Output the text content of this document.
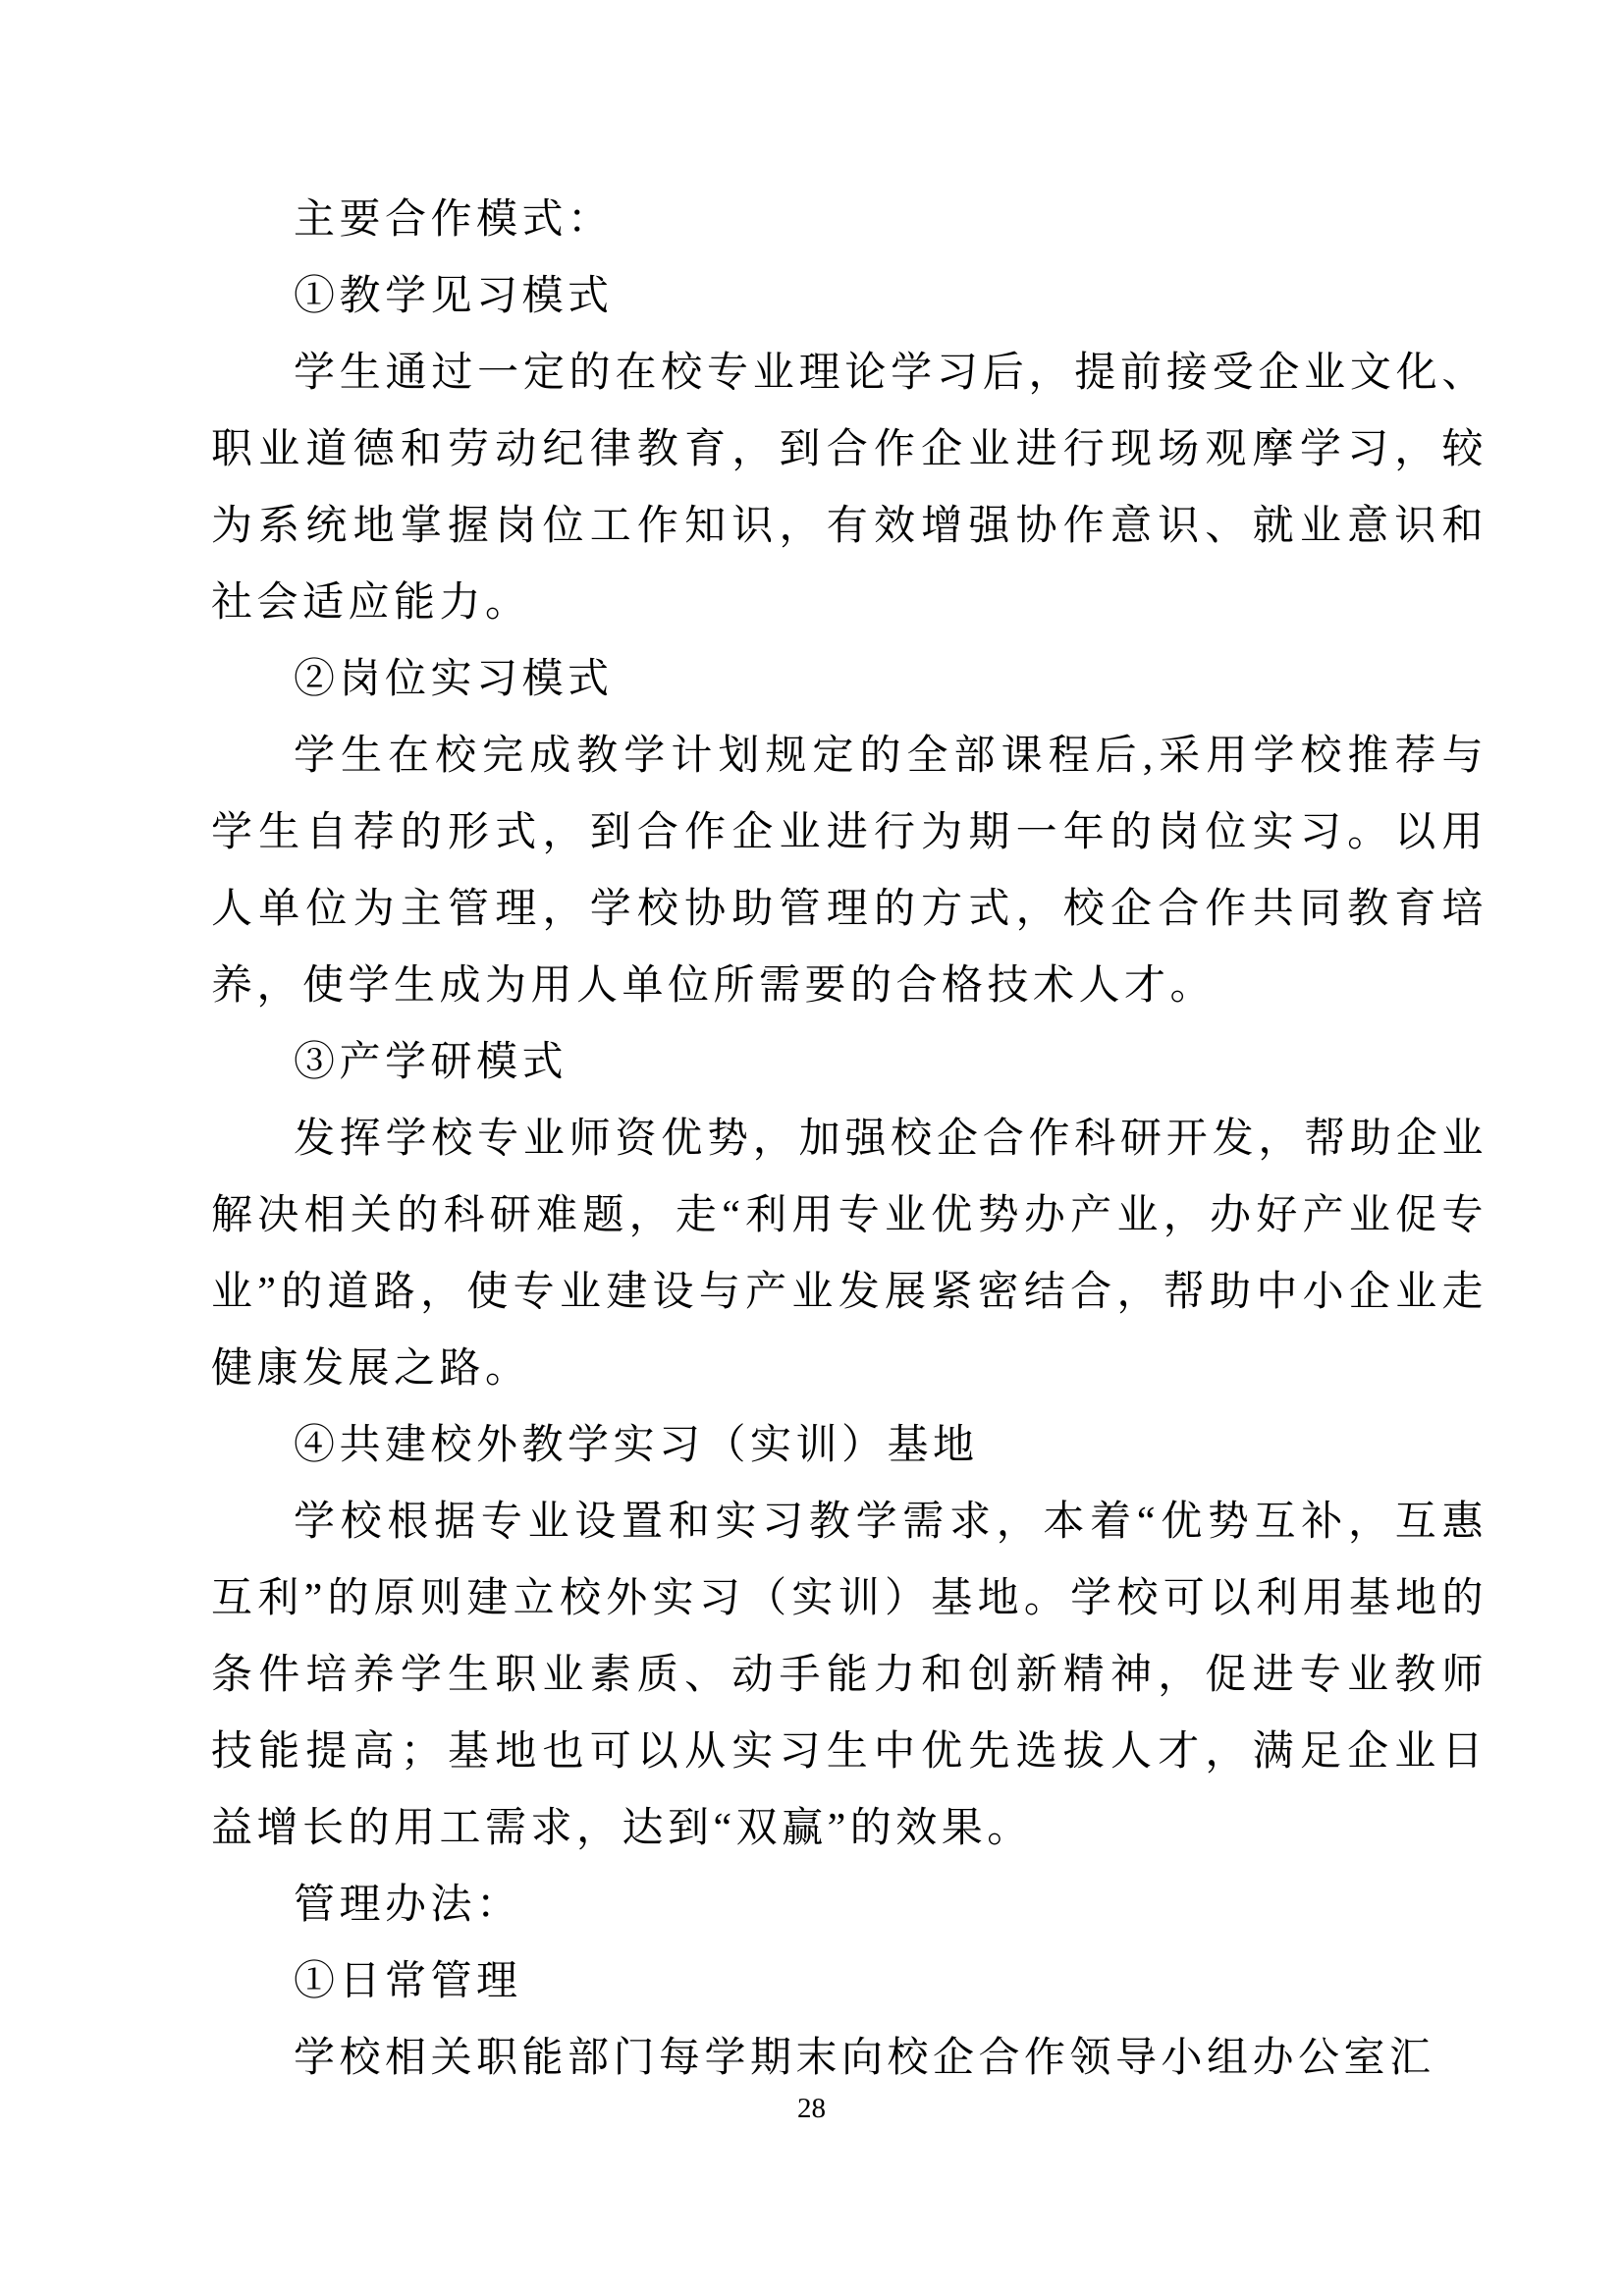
主要合作模式：

①教学见习模式

学生通过一定的在校专业理论学习后，提前接受企业文化、职业道德和劳动纪律教育，到合作企业进行现场观摩学习，较为系统地掌握岗位工作知识，有效增强协作意识、就业意识和社会适应能力。

②岗位实习模式

学生在校完成教学计划规定的全部课程后,采用学校推荐与学生自荐的形式，到合作企业进行为期一年的岗位实习。以用人单位为主管理，学校协助管理的方式，校企合作共同教育培养，使学生成为用人单位所需要的合格技术人才。

③产学研模式

发挥学校专业师资优势，加强校企合作科研开发，帮助企业解决相关的科研难题，走“利用专业优势办产业，办好产业促专业”的道路，使专业建设与产业发展紧密结合，帮助中小企业走健康发展之路。

④共建校外教学实习（实训）基地

学校根据专业设置和实习教学需求，本着“优势互补，互惠互利”的原则建立校外实习（实训）基地。学校可以利用基地的条件培养学生职业素质、动手能力和创新精神，促进专业教师技能提高；基地也可以从实习生中优先选拔人才，满足企业日益增长的用工需求，达到“双赢”的效果。

管理办法：

①日常管理

学校相关职能部门每学期末向校企合作领导小组办公室汇

28
